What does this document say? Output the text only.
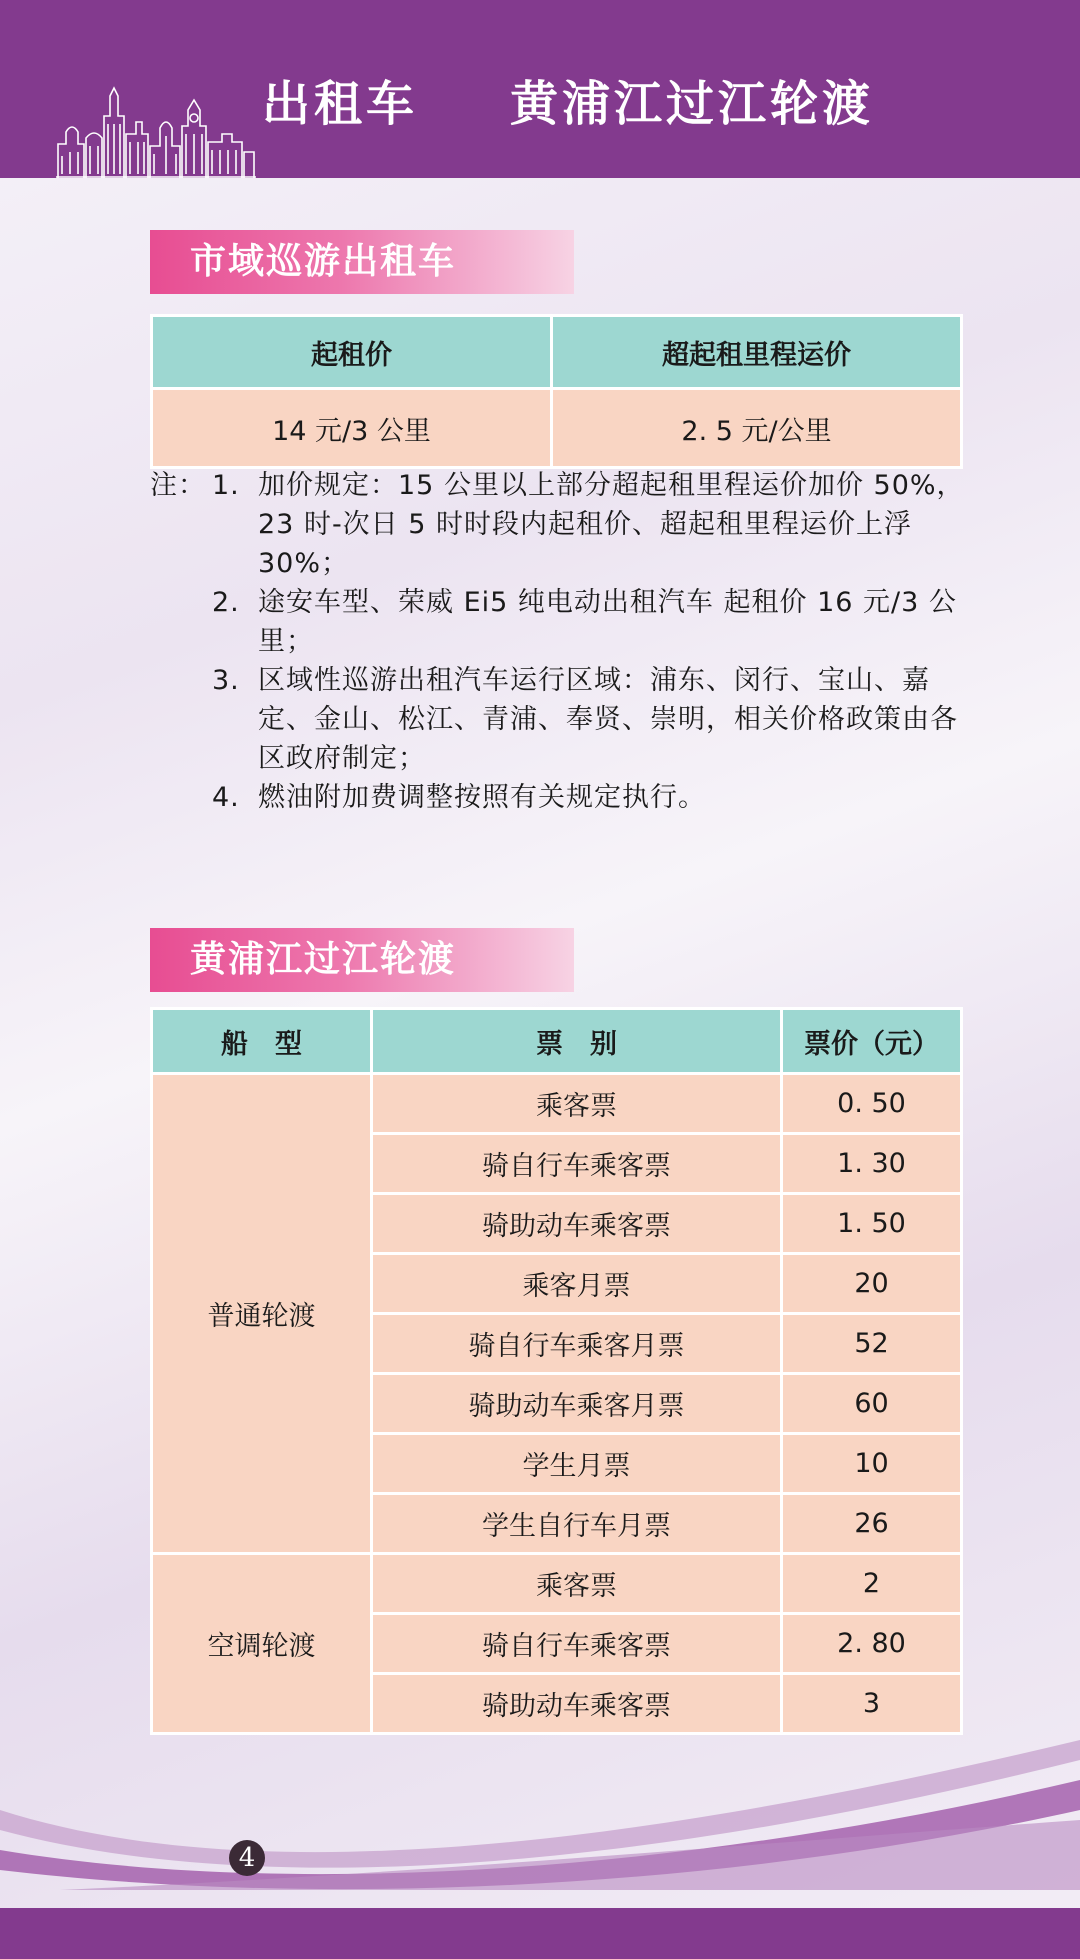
出租车 黄浦江过江轮渡
市域巡游出租车
起租价	超起租里程运价
14 元/3 公里	2. 5 元/公里
注： 1. 加价规定：15 公里以上部分超起租里程运价加价 50%，23 时-次日 5 时时段内起租价、超起租里程运价上浮 30%；
2. 途安车型、荣威 Ei5 纯电动出租汽车 起租价 16 元/3 公里；
3. 区域性巡游出租汽车运行区域：浦东、闵行、宝山、嘉定、金山、松江、青浦、奉贤、崇明，相关价格政策由各区政府制定；
4. 燃油附加费调整按照有关规定执行。
黄浦江过江轮渡
船　型	票　别	票价（元）
普通轮渡	乘客票	0. 50
	骑自行车乘客票	1. 30
	骑助动车乘客票	1. 50
	乘客月票	20
	骑自行车乘客月票	52
	骑助动车乘客月票	60
	学生月票	10
	学生自行车月票	26
空调轮渡	乘客票	2
	骑自行车乘客票	2. 80
	骑助动车乘客票	3
4
